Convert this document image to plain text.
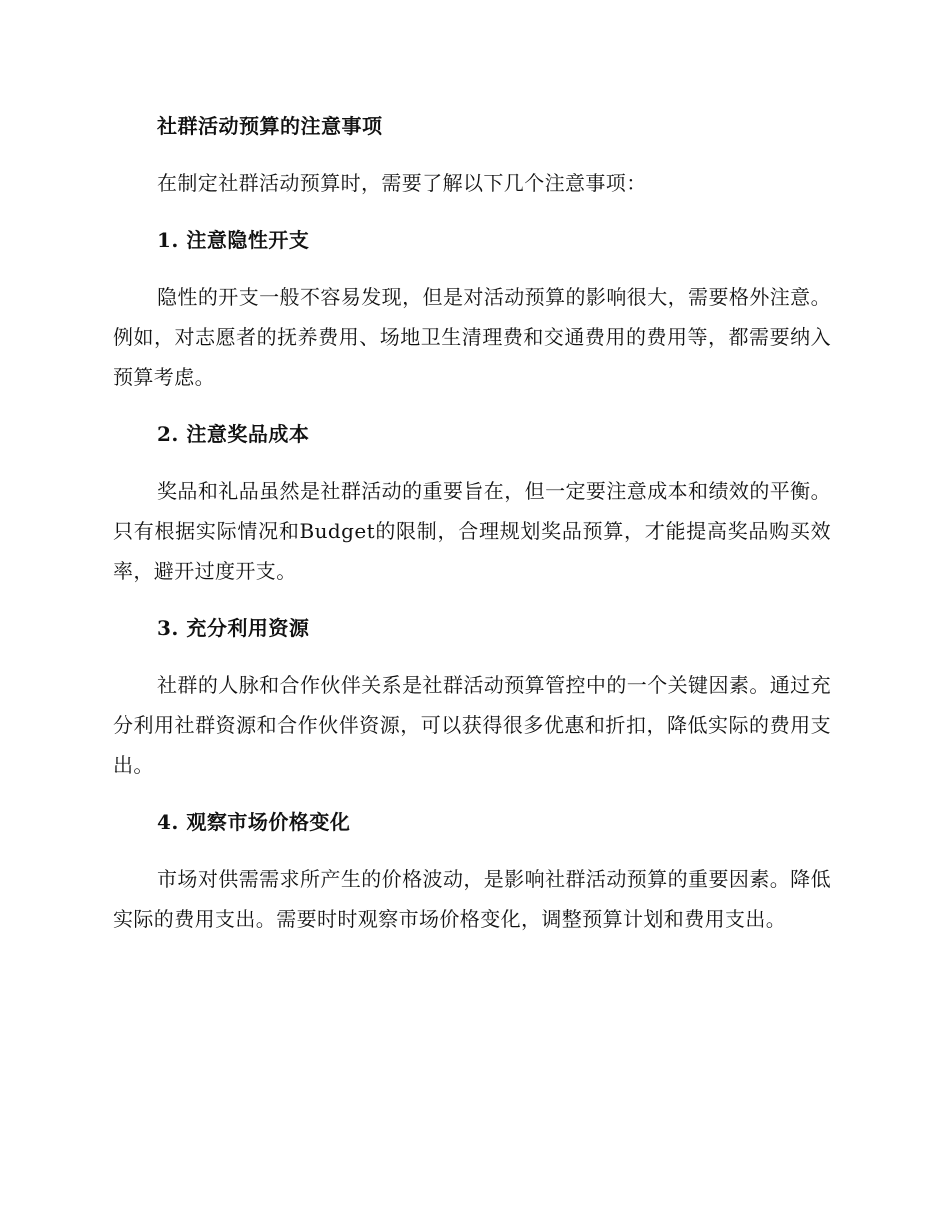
社群活动预算的注意事项

在制定社群活动预算时，需要了解以下几个注意事项：

1. 注意隐性开支

隐性的开支一般不容易发现，但是对活动预算的影响很大，需要格外注意。例如，对志愿者的抚养费用、场地卫生清理费和交通费用的费用等，都需要纳入预算考虑。

2. 注意奖品成本

奖品和礼品虽然是社群活动的重要旨在，但一定要注意成本和绩效的平衡。只有根据实际情况和Budget的限制，合理规划奖品预算，才能提高奖品购买效率，避开过度开支。

3. 充分利用资源

社群的人脉和合作伙伴关系是社群活动预算管控中的一个关键因素。通过充分利用社群资源和合作伙伴资源，可以获得很多优惠和折扣，降低实际的费用支出。

4. 观察市场价格变化

市场对供需需求所产生的价格波动，是影响社群活动预算的重要因素。降低实际的费用支出。需要时时观察市场价格变化，调整预算计划和费用支出。
